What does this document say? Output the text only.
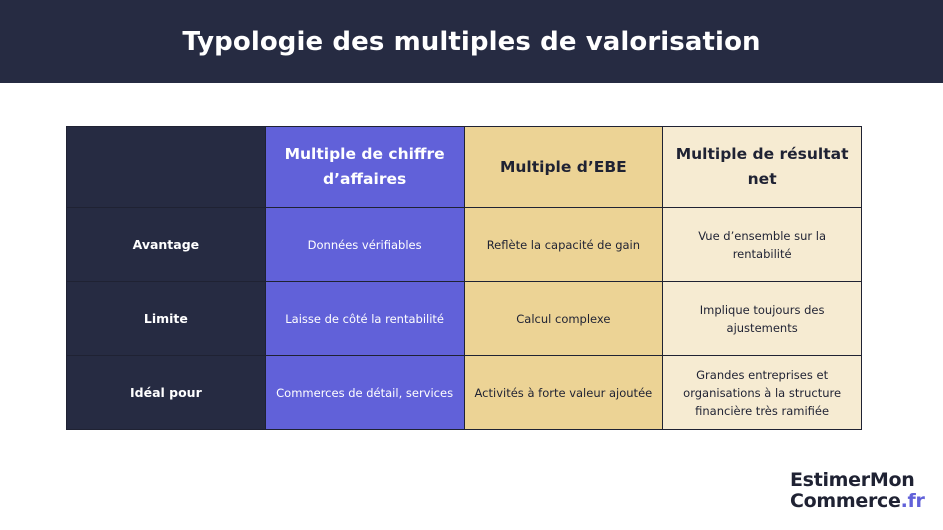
Typologie des multiples de valorisation
	Multiple de chiffre d’affaires	Multiple d’EBE	Multiple de résultat net
Avantage	Données vérifiables	Reflète la capacité de gain	Vue d’ensemble sur la rentabilité
Limite	Laisse de côté la rentabilité	Calcul complexe	Implique toujours des ajustements
Idéal pour	Commerces de détail, services	Activités à forte valeur ajoutée	Grandes entreprises et organisations à la structure financière très ramifiée
EstimerMon
Commerce.fr
